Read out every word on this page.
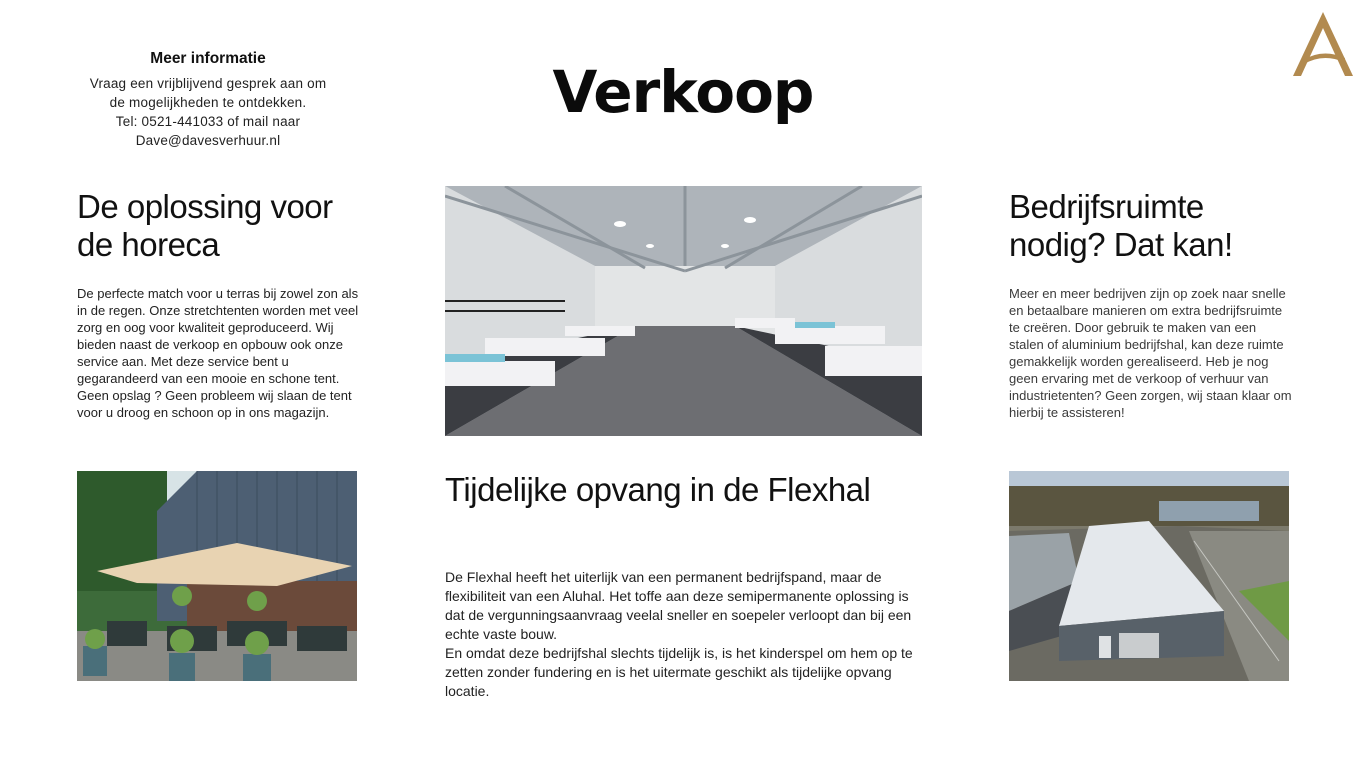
Meer informatie
Vraag een vrijblijvend gesprek aan om
de mogelijkheden te ontdekken.
Tel: 0521-441033 of mail naar
Dave@davesverhuur.nl
Verkoop
De oplossing voor
de horeca
De perfecte match voor u terras bij zowel zon als in de regen. Onze stretchtenten worden met veel zorg en oog voor kwaliteit geproduceerd. Wij bieden naast de verkoop en opbouw ook onze service aan. Met deze service bent u gegarandeerd van een mooie en schone tent. Geen opslag ? Geen probleem wij slaan de tent voor u droog en schoon op in ons magazijn.
Tijdelijke opvang in de Flexhal
De Flexhal heeft het uiterlijk van een permanent bedrijfspand, maar de flexibiliteit van een Aluhal. Het toffe aan deze semipermanente oplossing is dat de vergunningsaanvraag veelal sneller en soepeler verloopt dan bij een echte vaste bouw.
En omdat deze bedrijfshal slechts tijdelijk is, is het kinderspel om hem op te zetten zonder fundering en is het uitermate geschikt als tijdelijke opvang locatie.
Bedrijfsruimte
nodig? Dat kan!
Meer en meer bedrijven zijn op zoek naar snelle en betaalbare manieren om extra bedrijfsruimte te creëren. Door gebruik te maken van een stalen of aluminium bedrijfshal, kan deze ruimte gemakkelijk worden gerealiseerd. Heb je nog geen ervaring met de verkoop of verhuur van industrietenten? Geen zorgen, wij staan klaar om hierbij te assisteren!
